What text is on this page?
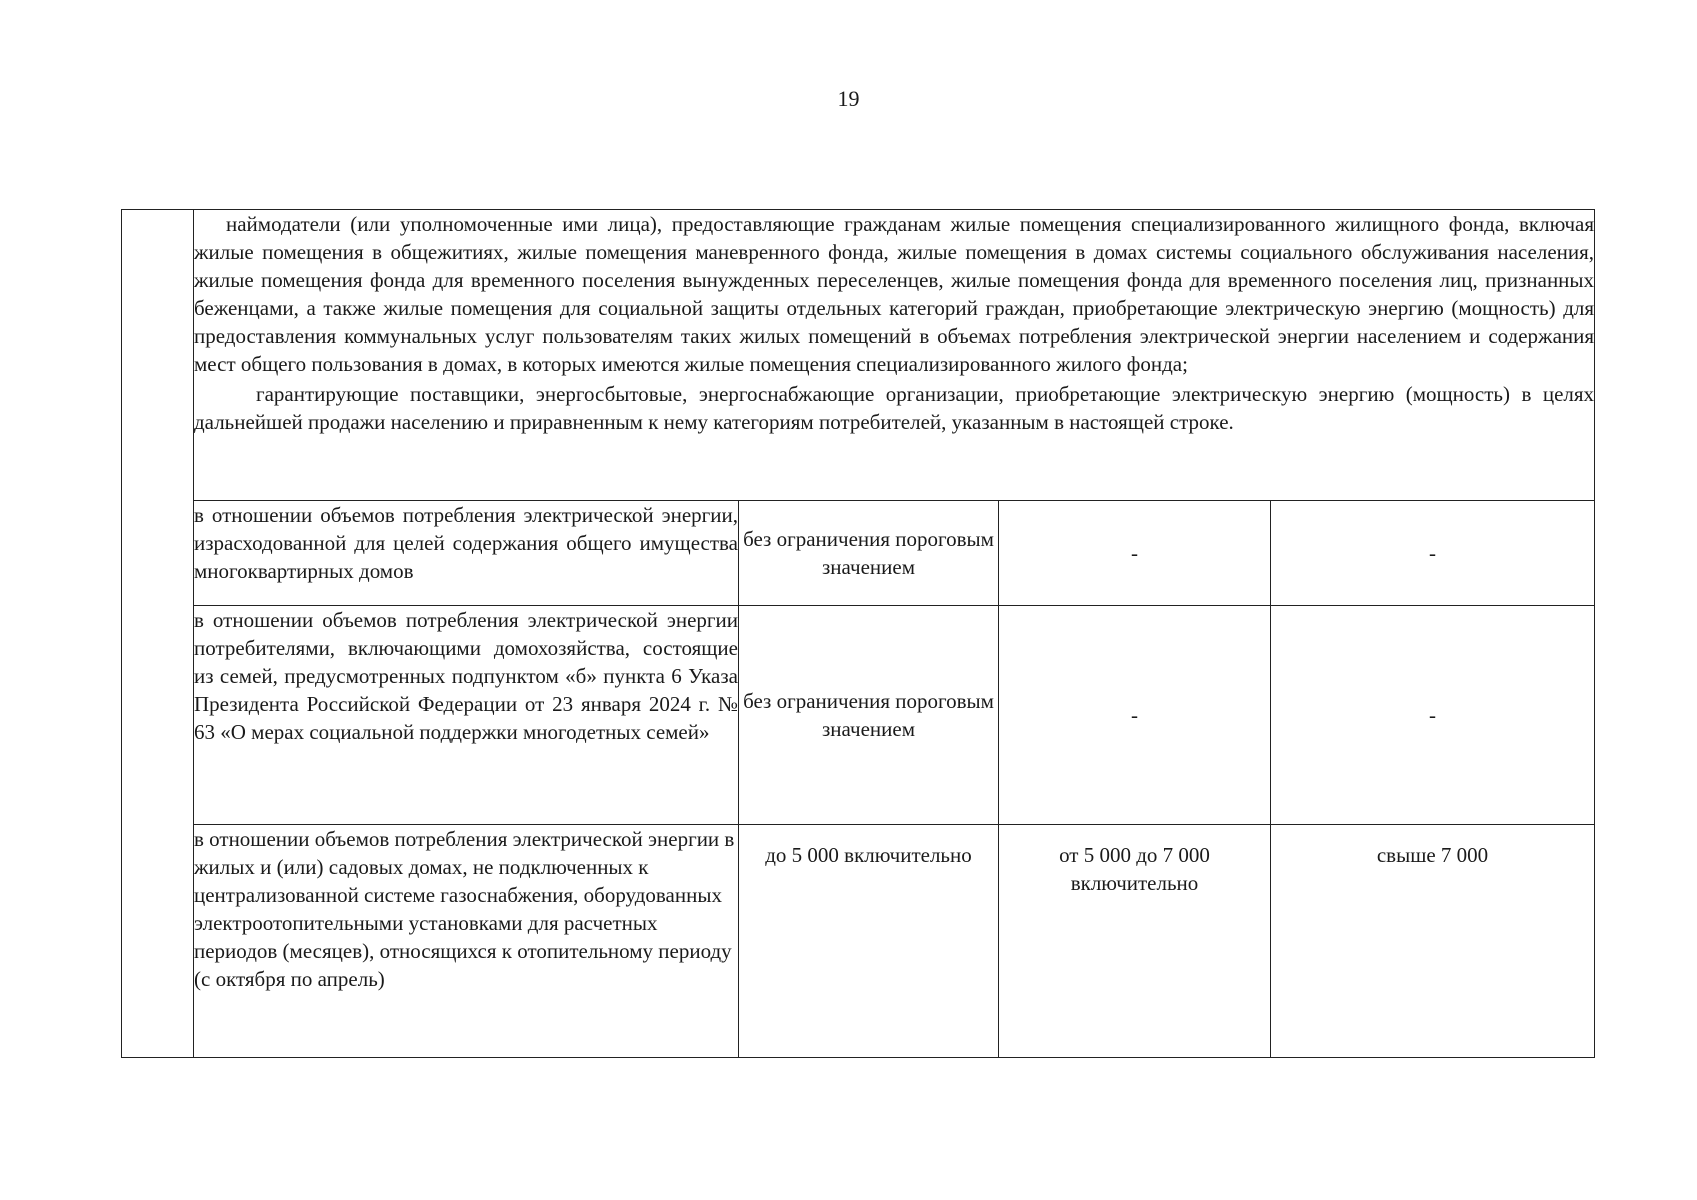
19

	наймодатели (или уполномоченные ими лица), предоставляющие гражданам жилые помещения специализированного жилищного фонда, включая жилые помещения в общежитиях, жилые помещения маневренного фонда, жилые помещения в домах системы социального обслуживания населения, жилые помещения фонда для временного поселения вынужденных переселенцев, жилые помещения фонда для временного поселения лиц, признанных беженцами, а также жилые помещения для социальной защиты отдельных категорий граждан, приобретающие электрическую энергию (мощность) для предоставления коммунальных услуг пользователям таких жилых помещений в объемах потребления электрической энергии населением и содержания мест общего пользования в домах, в которых имеются жилые помещения специализированного жилого фонда;

гарантирующие поставщики, энергосбытовые, энергоснабжающие организации, приобретающие электрическую энергию (мощность) в целях дальнейшей продажи населению и приравненным к нему категориям потребителей, указанным в настоящей строке.			

	в отношении объемов потребления электрической энергии, израсходованной для целей содержания общего имущества многоквартирных домов	без ограничения пороговым значением	-	-
	в отношении объемов потребления электрической энергии потребителями, включающими домохозяйства, состоящие из семей, предусмотренных подпунктом «б» пункта 6 Указа Президента Российской Федерации от 23 января 2024 г. № 63 «О мерах социальной поддержки многодетных семей»	без ограничения пороговым значением	-	-
	в отношении объемов потребления электрической энергии в жилых и (или) садовых домах, не подключенных к централизованной системе газоснабжения, оборудованных электроотопительными установками для расчетных периодов (месяцев), относящихся к отопительному периоду (с октября по апрель)	до 5 000 включительно	от 5 000 до 7 000 включительно	свыше 7 000
